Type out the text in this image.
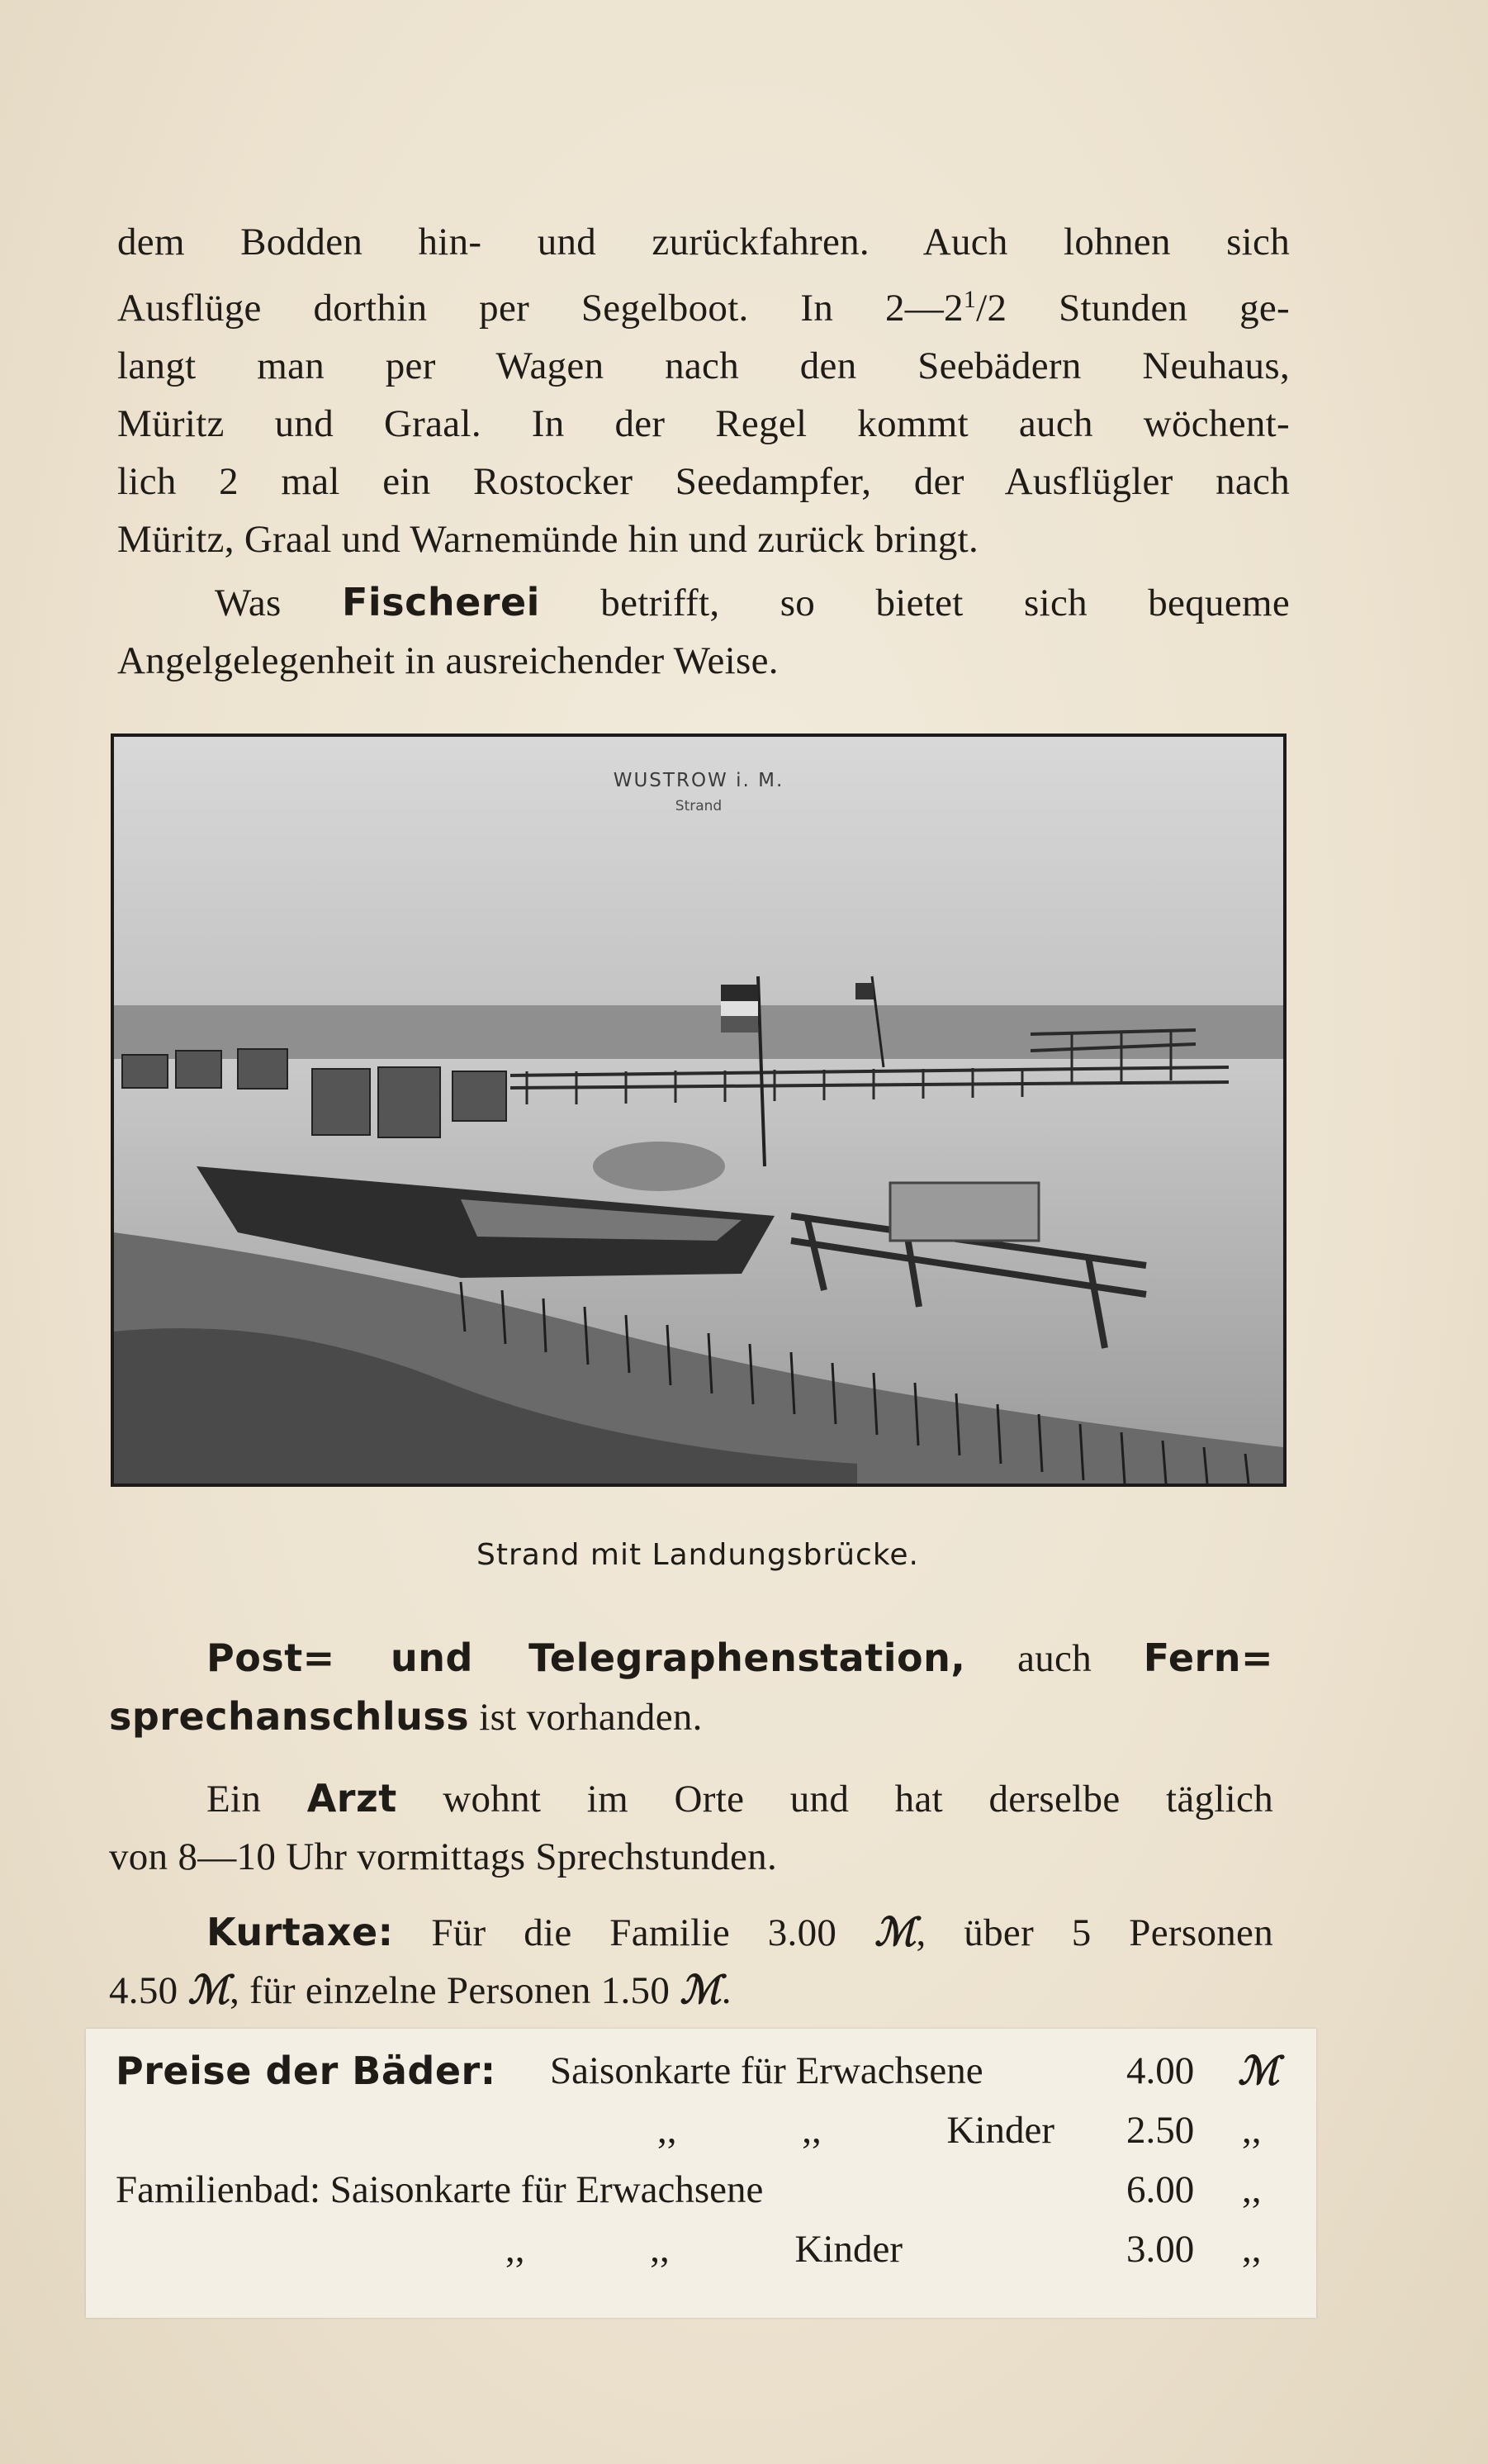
dem Bodden hin- und zurückfahren. Auch lohnen sich
Ausflüge dorthin per Segelboot. In $2—2^1/2$ Stunden ge-
langt man per Wagen nach den Seebädern Neuhaus,
Müritz und Graal. In der Regel kommt auch wöchent-
lich 2 mal ein Rostocker Seedampfer, der Ausflügler nach
Müritz, Graal und Warnemünde hin und zurück bringt.
Was Fischerei betrifft, so bietet sich bequeme
Angelgelegenheit in ausreichender Weise.
WUSTROW i. M.
Strand
Strand mit Landungsbrücke.
Post= und Telegraphenstation, auch Fern=
sprechanschluss ist vorhanden.
Ein Arzt wohnt im Orte und hat derselbe täglich
von 8—10 Uhr vormittags Sprechstunden.
Kurtaxe: Für die Familie 3.00 ℳ, über 5 Personen
4.50 ℳ, für einzelne Personen 1.50 ℳ.
Preise der Bäder: Saisonkarte für Erwachsene	4.00 ℳ
,, ,, Kinder 2.50 ,,
Familienbad: Saisonkarte für Erwachsene	6.00 ,,
,, ,, Kinder	3.00 ,,
